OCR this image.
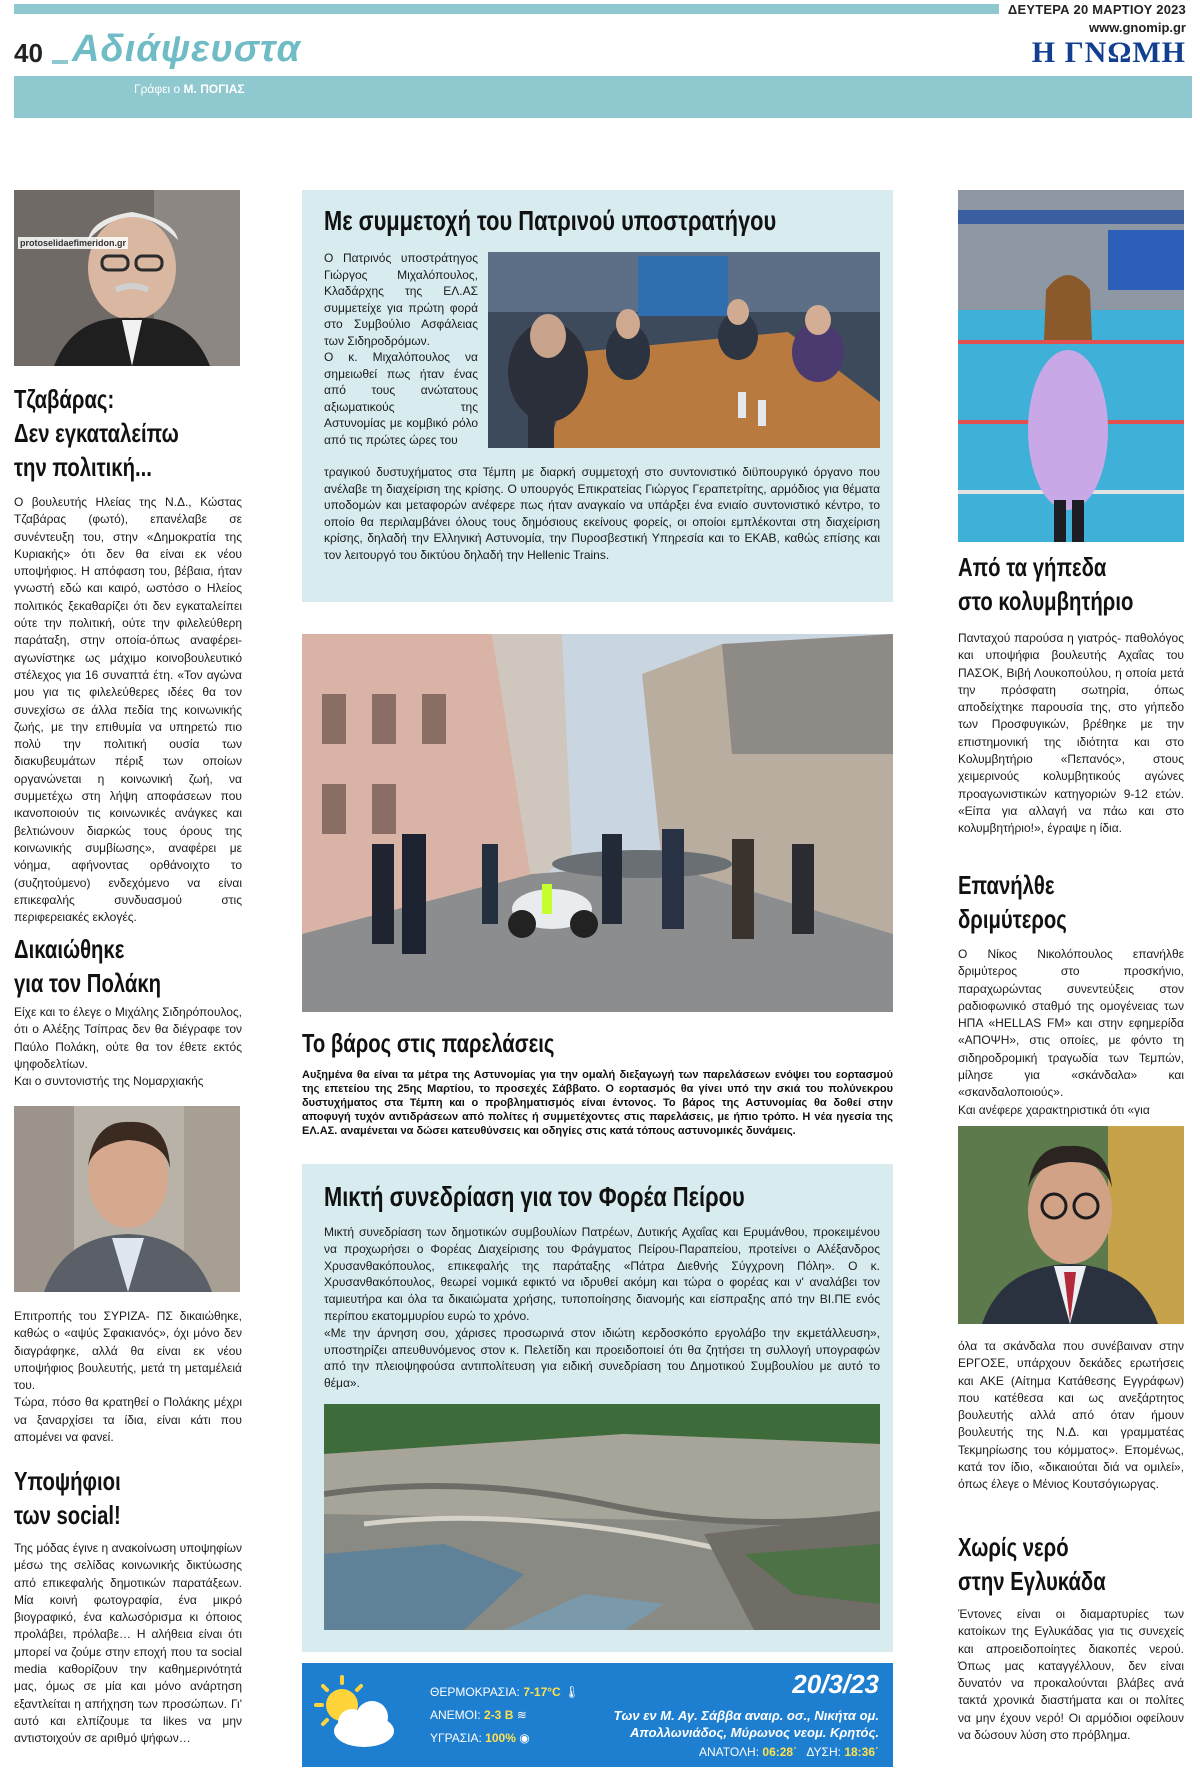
ΔΕΥΤΕΡΑ 20 ΜΑΡΤΙΟΥ 2023
www.gnomip.gr
Η ΓΝΩΜΗ
40 Αδιάψευστα
Γράφει ο Μ. ΠΟΓΙΑΣ
protoselidaefimeridon.gr
Τζαβάρας:
Δεν εγκαταλείπω
την πολιτική...

Ο βουλευτής Ηλείας της Ν.Δ., Κώστας Τζαβάρας (φωτό), επανέλαβε σε συνέντευξη του, στην «Δημοκρατία της Κυριακής» ότι δεν θα είναι εκ νέου υποψήφιος. Η απόφαση του, βέβαια, ήταν γνωστή εδώ και καιρό, ωστόσο ο Ηλείος πολιτικός ξεκαθαρίζει ότι δεν εγκαταλείπει ούτε την πολιτική, ούτε την φιλελεύθερη παράταξη, στην οποία-όπως αναφέρει- αγωνίστηκε ως μάχιμο κοινοβουλευτικό στέλεχος για 16 συναπτά έτη. «Τον αγώνα μου για τις φιλελεύθερες ιδέες θα τον συνεχίσω σε άλλα πεδία της κοινωνικής ζωής, με την επιθυμία να υπηρετώ πιο πολύ την πολιτική ουσία των διακυβευμάτων πέριξ των οποίων οργανώνεται η κοινωνική ζωή, να συμμετέχω στη λήψη αποφάσεων που ικανοποιούν τις κοινωνικές ανάγκες και βελτιώνουν διαρκώς τους όρους της κοινωνικής συμβίωσης», αναφέρει με νόημα, αφήνοντας ορθάνοιχτο το (συζητούμενο) ενδεχόμενο να είναι επικεφαλής συνδυασμού στις περιφερειακές εκλογές.

Δικαιώθηκε
για τον Πολάκη

Είχε και το έλεγε ο Μιχάλης Σιδηρόπουλος, ότι ο Αλέξης Τσίπρας δεν θα διέγραφε τον Παύλο Πολάκη, ούτε θα τον έθετε εκτός ψηφοδελτίων.

Και ο συντονιστής της Νομαρχιακής

Επιτροπής του ΣΥΡΙΖΑ- ΠΣ δικαιώθηκε, καθώς ο «αψύς Σφακιανός», όχι μόνο δεν διαγράφηκε, αλλά θα είναι εκ νέου υποψήφιος βουλευτής, μετά τη μεταμέλειά του.

Τώρα, πόσο θα κρατηθεί ο Πολάκης μέχρι να ξαναρχίσει τα ίδια, είναι κάτι που απομένει να φανεί.

Υποψήφιοι
των social!

Της μόδας έγινε η ανακοίνωση υποψηφίων μέσω της σελίδας κοινωνικής δικτύωσης από επικεφαλής δημοτικών παρατάξεων. Μία κοινή φωτογραφία, ένα μικρό βιογραφικό, ένα καλωσόρισμα κι όποιος προλάβει, πρόλαβε… Η αλήθεια είναι ότι μπορεί να ζούμε στην εποχή που τα social media καθορίζουν την καθημερινότητά μας, όμως σε μία και μόνο ανάρτηση εξαντλείται η απήχηση των προσώπων. Γι' αυτό και ελπίζουμε τα likes να μην αντιστοιχούν σε αριθμό ψήφων…

Με συμμετοχή του Πατρινού υποστρατήγου

Ο Πατρινός υποστράτηγος Γιώργος Μιχαλόπουλος, Κλαδάρχης της ΕΛ.ΑΣ συμμετείχε για πρώτη φορά στο Συμβούλιο Ασφάλειας των Σιδηροδρόμων.

Ο κ. Μιχαλόπουλος να σημειωθεί πως ήταν ένας από τους ανώτατους αξιωματικούς της Αστυνομίας με κομβικό ρόλο από τις πρώτες ώρες του

τραγικού δυστυχήματος στα Τέμπη με διαρκή συμμετοχή στο συντονιστικό διϋπουργικό όργανο που ανέλαβε τη διαχείριση της κρίσης. Ο υπουργός Επικρατείας Γιώργος Γεραπετρίτης, αρμόδιος για θέματα υποδομών και μεταφορών ανέφερε πως ήταν αναγκαίο να υπάρξει ένα ενιαίο συντονιστικό κέντρο, το οποίο θα περιλαμβάνει όλους τους δημόσιους εκείνους φορείς, οι οποίοι εμπλέκονται στη διαχείριση κρίσης, δηλαδή την Ελληνική Αστυνομία, την Πυροσβεστική Υπηρεσία και το ΕΚΑΒ, καθώς επίσης και τον λειτουργό του δικτύου δηλαδή την Hellenic Trains.

Το βάρος στις παρελάσεις

Αυξημένα θα είναι τα μέτρα της Αστυνομίας για την ομαλή διεξαγωγή των παρελάσεων ενόψει του εορτασμού της επετείου της 25ης Μαρτίου, το προσεχές Σάββατο. Ο εορτασμός θα γίνει υπό την σκιά του πολύνεκρου δυστυχήματος στα Τέμπη και ο προβληματισμός είναι έντονος. Το βάρος της Αστυνομίας θα δοθεί στην αποφυγή τυχόν αντιδράσεων από πολίτες ή συμμετέχοντες στις παρελάσεις, με ήπιο τρόπο. Η νέα ηγεσία της ΕΛ.ΑΣ. αναμένεται να δώσει κατευθύνσεις και οδηγίες στις κατά τόπους αστυνομικές δυνάμεις.

Μικτή συνεδρίαση για τον Φορέα Πείρου

Μικτή συνεδρίαση των δημοτικών συμβουλίων Πατρέων, Δυτικής Αχαΐας και Ερυμάνθου, προκειμένου να προχωρήσει ο Φορέας Διαχείρισης του Φράγματος Πείρου-Παραπείου, προτείνει ο Αλέξανδρος Χρυσανθακόπουλος, επικεφαλής της παράταξης «Πάτρα Διεθνής Σύγχρονη Πόλη». Ο κ. Χρυσανθακόπουλος, θεωρεί νομικά εφικτό να ιδρυθεί ακόμη και τώρα ο φορέας και ν' αναλάβει τον ταμιευτήρα και όλα τα δικαιώματα χρήσης, τυποποίησης διανομής και είσπραξης από την ΒΙ.ΠΕ ενός περίπου εκατομμυρίου ευρώ το χρόνο.

«Με την άρνηση σου, χάρισες προσωρινά στον ιδιώτη κερδοσκόπο εργολάβο την εκμετάλλευση», υποστηρίζει απευθυνόμενος στον κ. Πελετίδη και προειδοποιεί ότι θα ζητήσει τη συλλογή υπογραφών από την πλειοψηφούσα αντιπολίτευση για ειδική συνεδρίαση του Δημοτικού Συμβουλίου με αυτό το θέμα».

ΘΕΡΜΟΚΡΑΣΙΑ: 7-17°C 🌡
ΑΝΕΜΟΙ: 2-3 B ≋
ΥΓΡΑΣΙΑ: 100% ◉
20/3/23
Των εν Μ. Αγ. Σάββα αναιρ. οσ., Νικήτα ομ. Απολλωνιάδος, Μύρωνος νεομ. Κρητός.
ΑΝΑΤΟΛΗ: 06:28΄ ΔΥΣΗ: 18:36΄
Από τα γήπεδα
στο κολυμβητήριο

Πανταχού παρούσα η γιατρός- παθολόγος και υποψήφια βουλευτής Αχαΐας του ΠΑΣΟΚ, Βιβή Λουκοπούλου, η οποία μετά την πρόσφατη σωτηρία, όπως αποδείχτηκε παρουσία της, στο γήπεδο των Προσφυγικών, βρέθηκε με την επιστημονική της ιδιότητα και στο Κολυμβητήριο «Πεπανός», στους χειμερινούς κολυμβητικούς αγώνες προαγωνιστικών κατηγοριών 9-12 ετών. «Είπα για αλλαγή να πάω και στο κολυμβητήριο!», έγραψε η ίδια.

Επανήλθε
δριμύτερος

Ο Νίκος Νικολόπουλος επανήλθε δριμύτερος στο προσκήνιο, παραχωρώντας συνεντεύξεις στον ραδιοφωνικό σταθμό της ομογένειας των ΗΠΑ «HELLAS FM» και στην εφημερίδα «ΑΠΟΨΗ», στις οποίες, με φόντο τη σιδηροδρομική τραγωδία των Τεμπών, μίλησε για «σκάνδαλα» και «σκανδαλοποιούς».

Και ανέφερε χαρακτηριστικά ότι «για

όλα τα σκάνδαλα που συνέβαιναν στην ΕΡΓΟΣΕ, υπάρχουν δεκάδες ερωτήσεις και ΑΚΕ (Αίτημα Κατάθεσης Εγγράφων) που κατέθεσα και ως ανεξάρτητος βουλευτής αλλά από όταν ήμουν βουλευτής της Ν.Δ. και γραμματέας Τεκμηρίωσης του κόμματος». Επομένως, κατά τον ίδιο, «δικαιούται διά να ομιλεί», όπως έλεγε ο Μένιος Κουτσόγιωργας.

Χωρίς νερό
στην Εγλυκάδα

Έντονες είναι οι διαμαρτυρίες των κατοίκων της Εγλυκάδας για τις συνεχείς και απροειδοποίητες διακοπές νερού. Όπως μας καταγγέλλουν, δεν είναι δυνατόν να προκαλούνται βλάβες ανά τακτά χρονικά διαστήματα και οι πολίτες να μην έχουν νερό! Οι αρμόδιοι οφείλουν να δώσουν λύση στο πρόβλημα.
